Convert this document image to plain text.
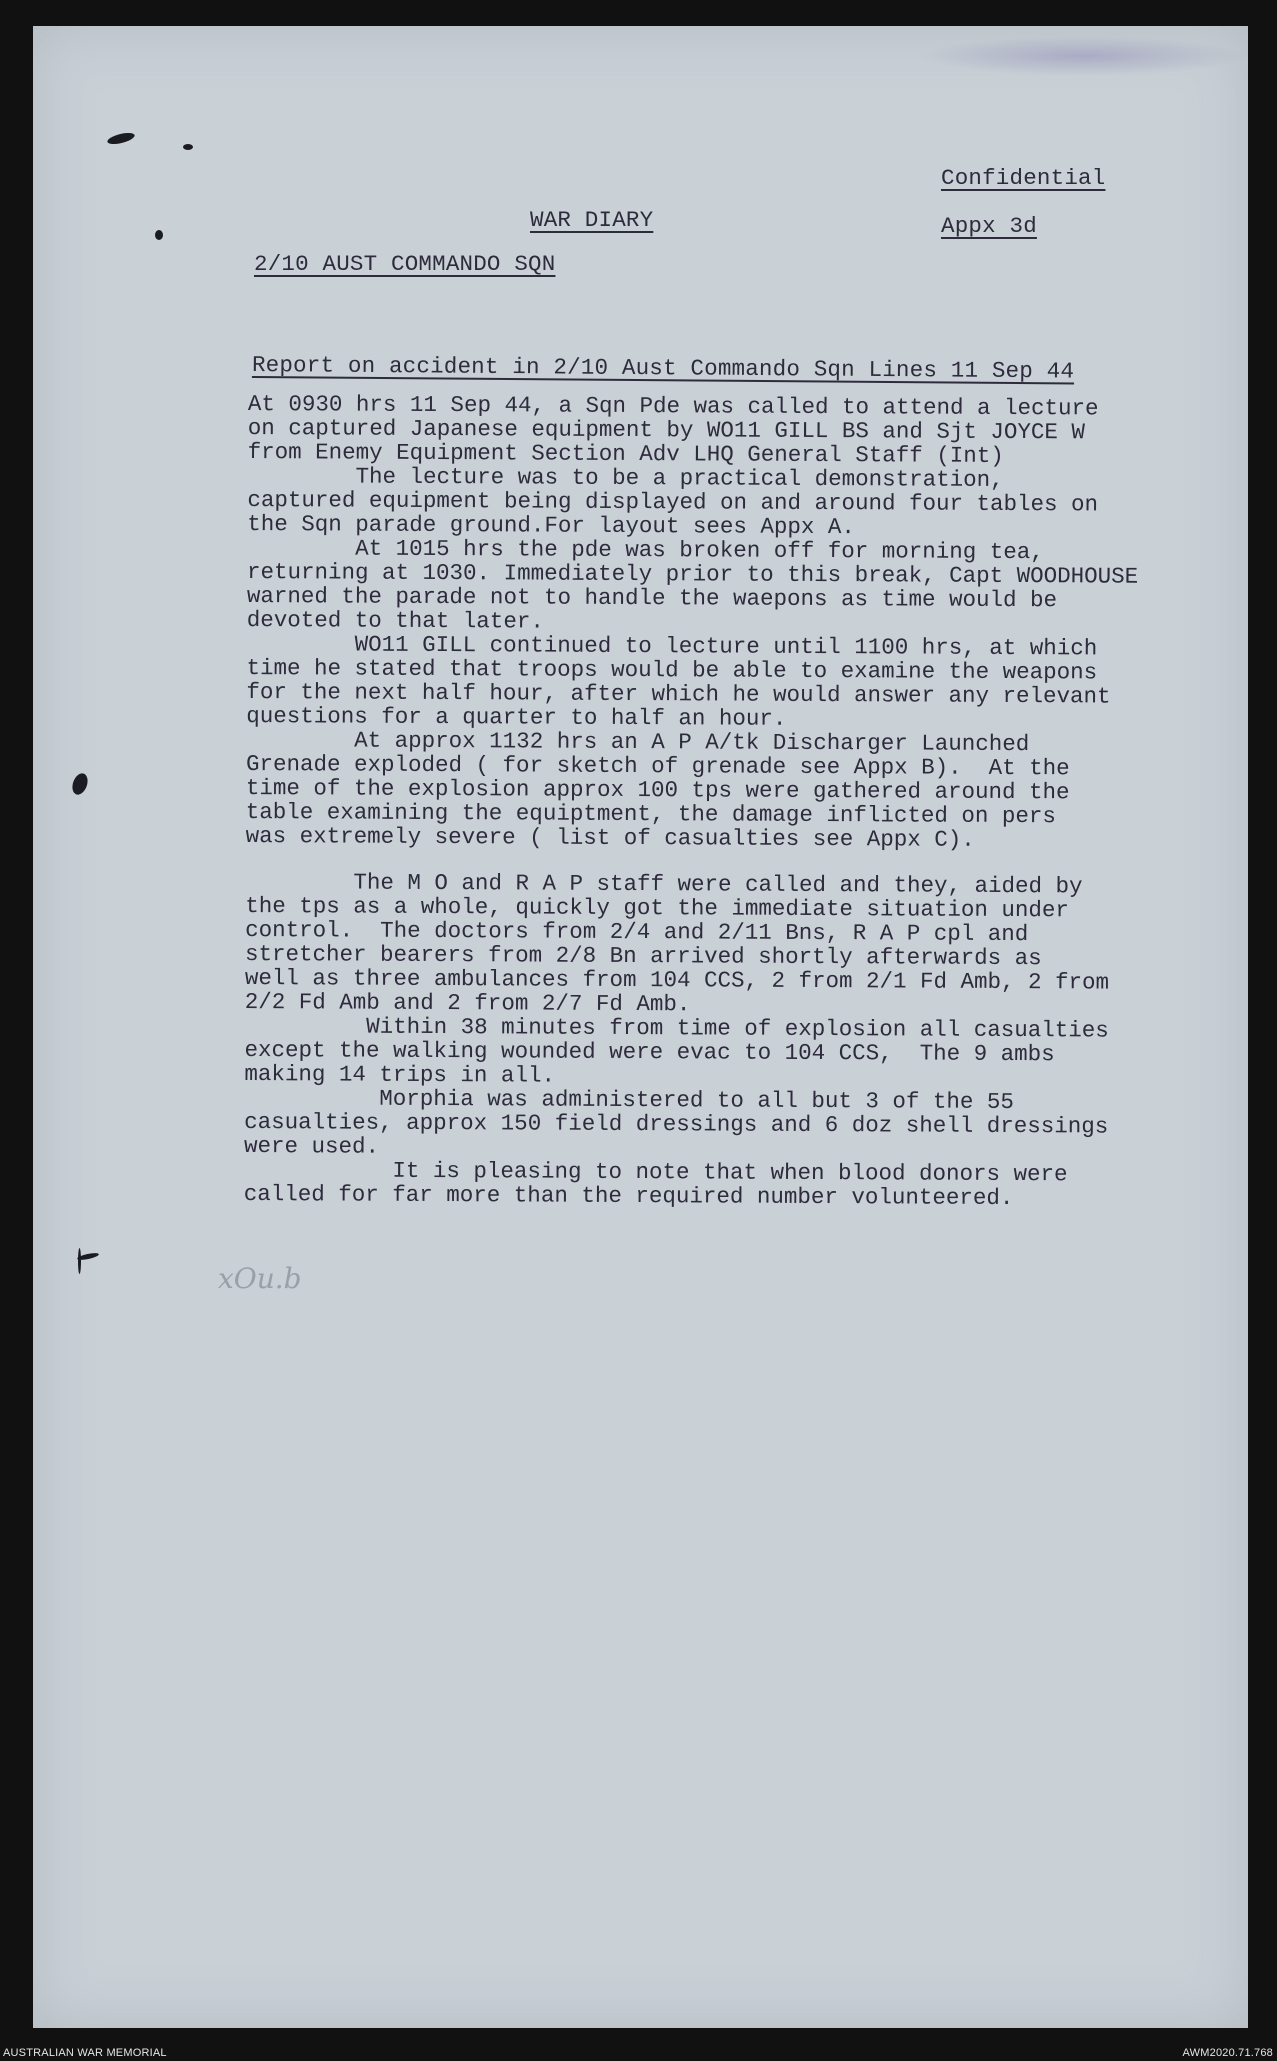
Confidential
Appx 3d
WAR DIARY
2/10 AUST COMMANDO SQN
Report on accident in 2/10 Aust Commando Sqn Lines 11 Sep 44
At 0930 hrs 11 Sep 44, a Sqn Pde was called to attend a lecture
on captured Japanese equipment by WO11 GILL BS and Sjt JOYCE W
from Enemy Equipment Section Adv LHQ General Staff (Int)
The lecture was to be a practical demonstration,
captured equipment being displayed on and around four tables on
the Sqn parade ground.For layout sees Appx A.
At 1015 hrs the pde was broken off for morning tea,
returning at 1030. Immediately prior to this break, Capt WOODHOUSE
warned the parade not to handle the waepons as time would be
devoted to that later.
WO11 GILL continued to lecture until 1100 hrs, at which
time he stated that troops would be able to examine the weapons
for the next half hour, after which he would answer any relevant
questions for a quarter to half an hour.
At approx 1132 hrs an A P A/tk Discharger Launched
Grenade exploded ( for sketch of grenade see Appx B).  At the
time of the explosion approx 100 tps were gathered around the
table examining the equiptment, the damage inflicted on pers
was extremely severe ( list of casualties see Appx C).
The M O and R A P staff were called and they, aided by
the tps as a whole, quickly got the immediate situation under
control.  The doctors from 2/4 and 2/11 Bns, R A P cpl and
stretcher bearers from 2/8 Bn arrived shortly afterwards as
well as three ambulances from 104 CCS, 2 from 2/1 Fd Amb, 2 from
2/2 Fd Amb and 2 from 2/7 Fd Amb.
Within 38 minutes from time of explosion all casualties
except the walking wounded were evac to 104 CCS,  The 9 ambs
making 14 trips in all.
Morphia was administered to all but 3 of the 55
casualties, approx 150 field dressings and 6 doz shell dressings
were used.
It is pleasing to note that when blood donors were
called for far more than the required number volunteered.
xOu.b
AUSTRALIAN WAR MEMORIAL	AWM2020.71.768
